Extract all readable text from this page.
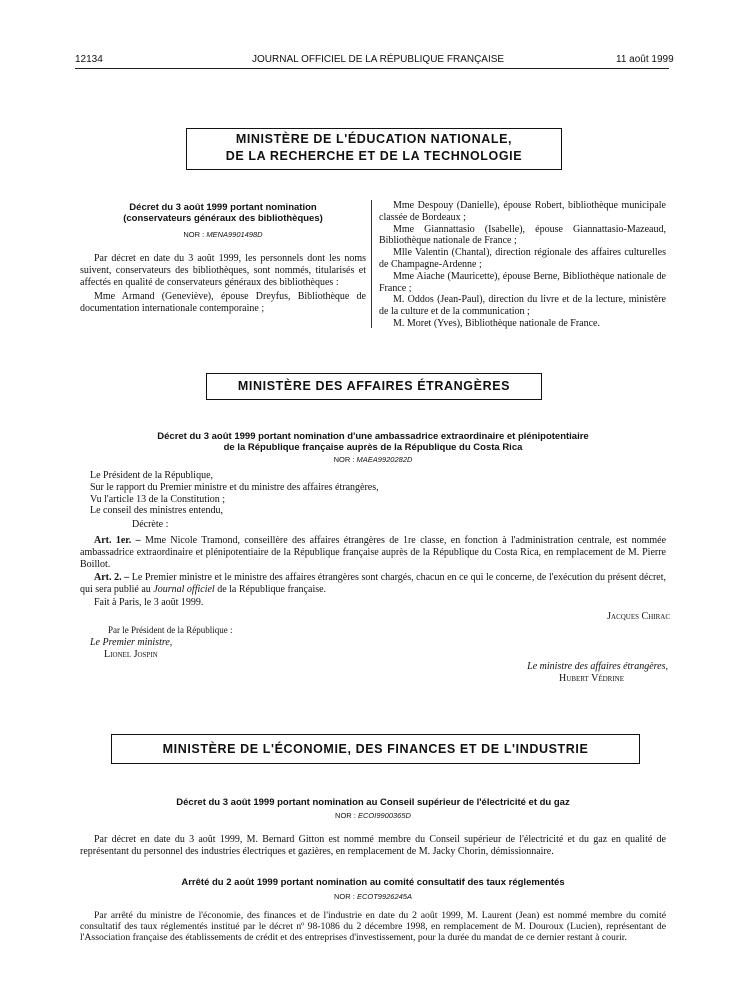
12134	JOURNAL OFFICIEL DE LA RÉPUBLIQUE FRANÇAISE	11 août 1999
MINISTÈRE DE L'ÉDUCATION NATIONALE,
DE LA RECHERCHE ET DE LA TECHNOLOGIE
Décret du 3 août 1999 portant nomination
(conservateurs généraux des bibliothèques)
NOR : MENA9901498D

Par décret en date du 3 août 1999, les personnels dont les noms suivent, conservateurs des bibliothèques, sont nommés, titularisés et affectés en qualité de conservateurs généraux des bibliothèques :

Mme Armand (Geneviève), épouse Dreyfus, Bibliothèque de documentation internationale contemporaine ;

Mme Despouy (Danielle), épouse Robert, bibliothèque municipale classée de Bordeaux ;

Mme Giannattasio (Isabelle), épouse Giannattasio-Mazeaud, Bibliothèque nationale de France ;

Mlle Valentin (Chantal), direction régionale des affaires culturelles de Champagne-Ardenne ;

Mme Aiache (Mauricette), épouse Berne, Bibliothèque nationale de France ;

M. Oddos (Jean-Paul), direction du livre et de la lecture, ministère de la culture et de la communication ;

M. Moret (Yves), Bibliothèque nationale de France.

MINISTÈRE DES AFFAIRES ÉTRANGÈRES
Décret du 3 août 1999 portant nomination d'une ambassadrice extraordinaire et plénipotentiaire
de la République française auprès de la République du Costa Rica
NOR : MAEA9920282D

Le Président de la République,

Sur le rapport du Premier ministre et du ministre des affaires étrangères,

Vu l'article 13 de la Constitution ;

Le conseil des ministres entendu,

Décrète :

Art. 1er. – Mme Nicole Tramond, conseillère des affaires étrangères de 1re classe, en fonction à l'administration centrale, est nommée ambassadrice extraordinaire et plénipotentiaire de la République française auprès de la République du Costa Rica, en remplacement de M. Pierre Boillot.

Art. 2. – Le Premier ministre et le ministre des affaires étrangères sont chargés, chacun en ce qui le concerne, de l'exécution du présent décret, qui sera publié au Journal officiel de la République française.

Fait à Paris, le 3 août 1999.

Jacques Chirac
Par le Président de la République :
Le Premier ministre,
Lionel Jospin
Le ministre des affaires étrangères,
Hubert Védrine
MINISTÈRE DE L'ÉCONOMIE, DES FINANCES ET DE L'INDUSTRIE
Décret du 3 août 1999 portant nomination au Conseil supérieur de l'électricité et du gaz
NOR : ECOI9900365D

Par décret en date du 3 août 1999, M. Bernard Gitton est nommé membre du Conseil supérieur de l'électricité et du gaz en qualité de représentant du personnel des industries électriques et gazières, en remplacement de M. Jacky Chorin, démissionnaire.

Arrêté du 2 août 1999 portant nomination au comité consultatif des taux réglementés
NOR : ECOT9926245A

Par arrêté du ministre de l'économie, des finances et de l'industrie en date du 2 août 1999, M. Laurent (Jean) est nommé membre du comité consultatif des taux réglementés institué par le décret nº 98-1086 du 2 décembre 1998, en remplacement de M. Douroux (Lucien), représentant de l'Association française des établissements de crédit et des entreprises d'investissement, pour la durée du mandat de ce dernier restant à courir.
